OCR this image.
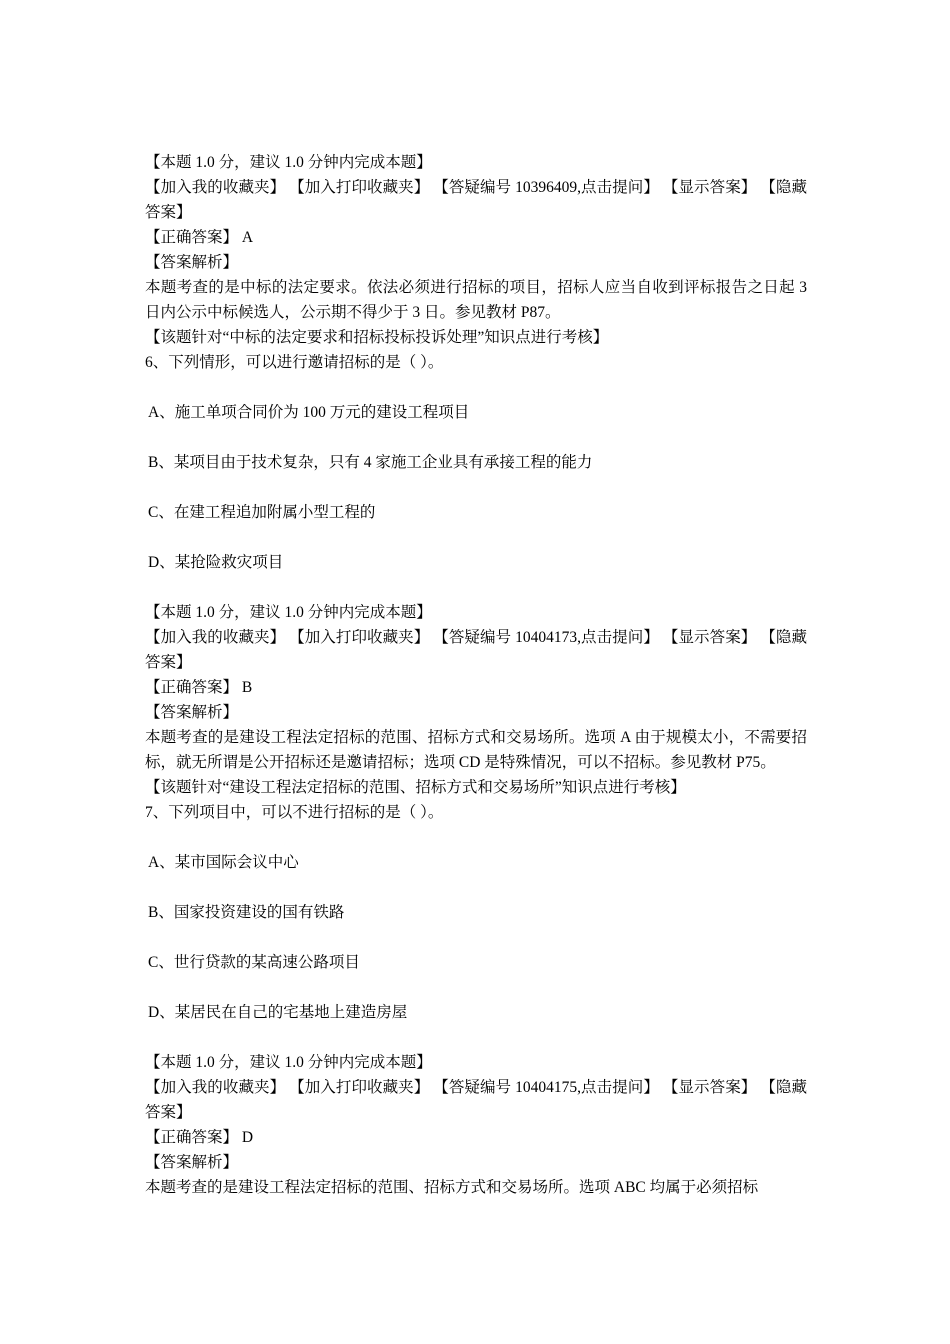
【本题 1.0 分，建议 1.0 分钟内完成本题】
【加入我的收藏夹】 【加入打印收藏夹】 【答疑编号 10396409,点击提问】 【显示答案】 【隐藏答案】
【正确答案】 A
【答案解析】
本题考查的是中标的法定要求。依法必须进行招标的项目，招标人应当自收到评标报告之日起 3 日内公示中标候选人，公示期不得少于 3 日。参见教材 P87。
【该题针对“中标的法定要求和招标投标投诉处理”知识点进行考核】
6、下列情形，可以进行邀请招标的是（ ）。
A、施工单项合同价为 100 万元的建设工程项目
B、某项目由于技术复杂，只有 4 家施工企业具有承接工程的能力
C、在建工程追加附属小型工程的
D、某抢险救灾项目
【本题 1.0 分，建议 1.0 分钟内完成本题】
【加入我的收藏夹】 【加入打印收藏夹】 【答疑编号 10404173,点击提问】 【显示答案】 【隐藏答案】
【正确答案】 B
【答案解析】
本题考查的是建设工程法定招标的范围、招标方式和交易场所。选项 A 由于规模太小，不需要招标，就无所谓是公开招标还是邀请招标；选项 CD 是特殊情况，可以不招标。参见教材 P75。
【该题针对“建设工程法定招标的范围、招标方式和交易场所”知识点进行考核】
7、下列项目中，可以不进行招标的是（ ）。
A、某市国际会议中心
B、国家投资建设的国有铁路
C、世行贷款的某高速公路项目
D、某居民在自己的宅基地上建造房屋
【本题 1.0 分，建议 1.0 分钟内完成本题】
【加入我的收藏夹】 【加入打印收藏夹】 【答疑编号 10404175,点击提问】 【显示答案】 【隐藏答案】
【正确答案】 D
【答案解析】
本题考查的是建设工程法定招标的范围、招标方式和交易场所。选项 ABC 均属于必须招标
